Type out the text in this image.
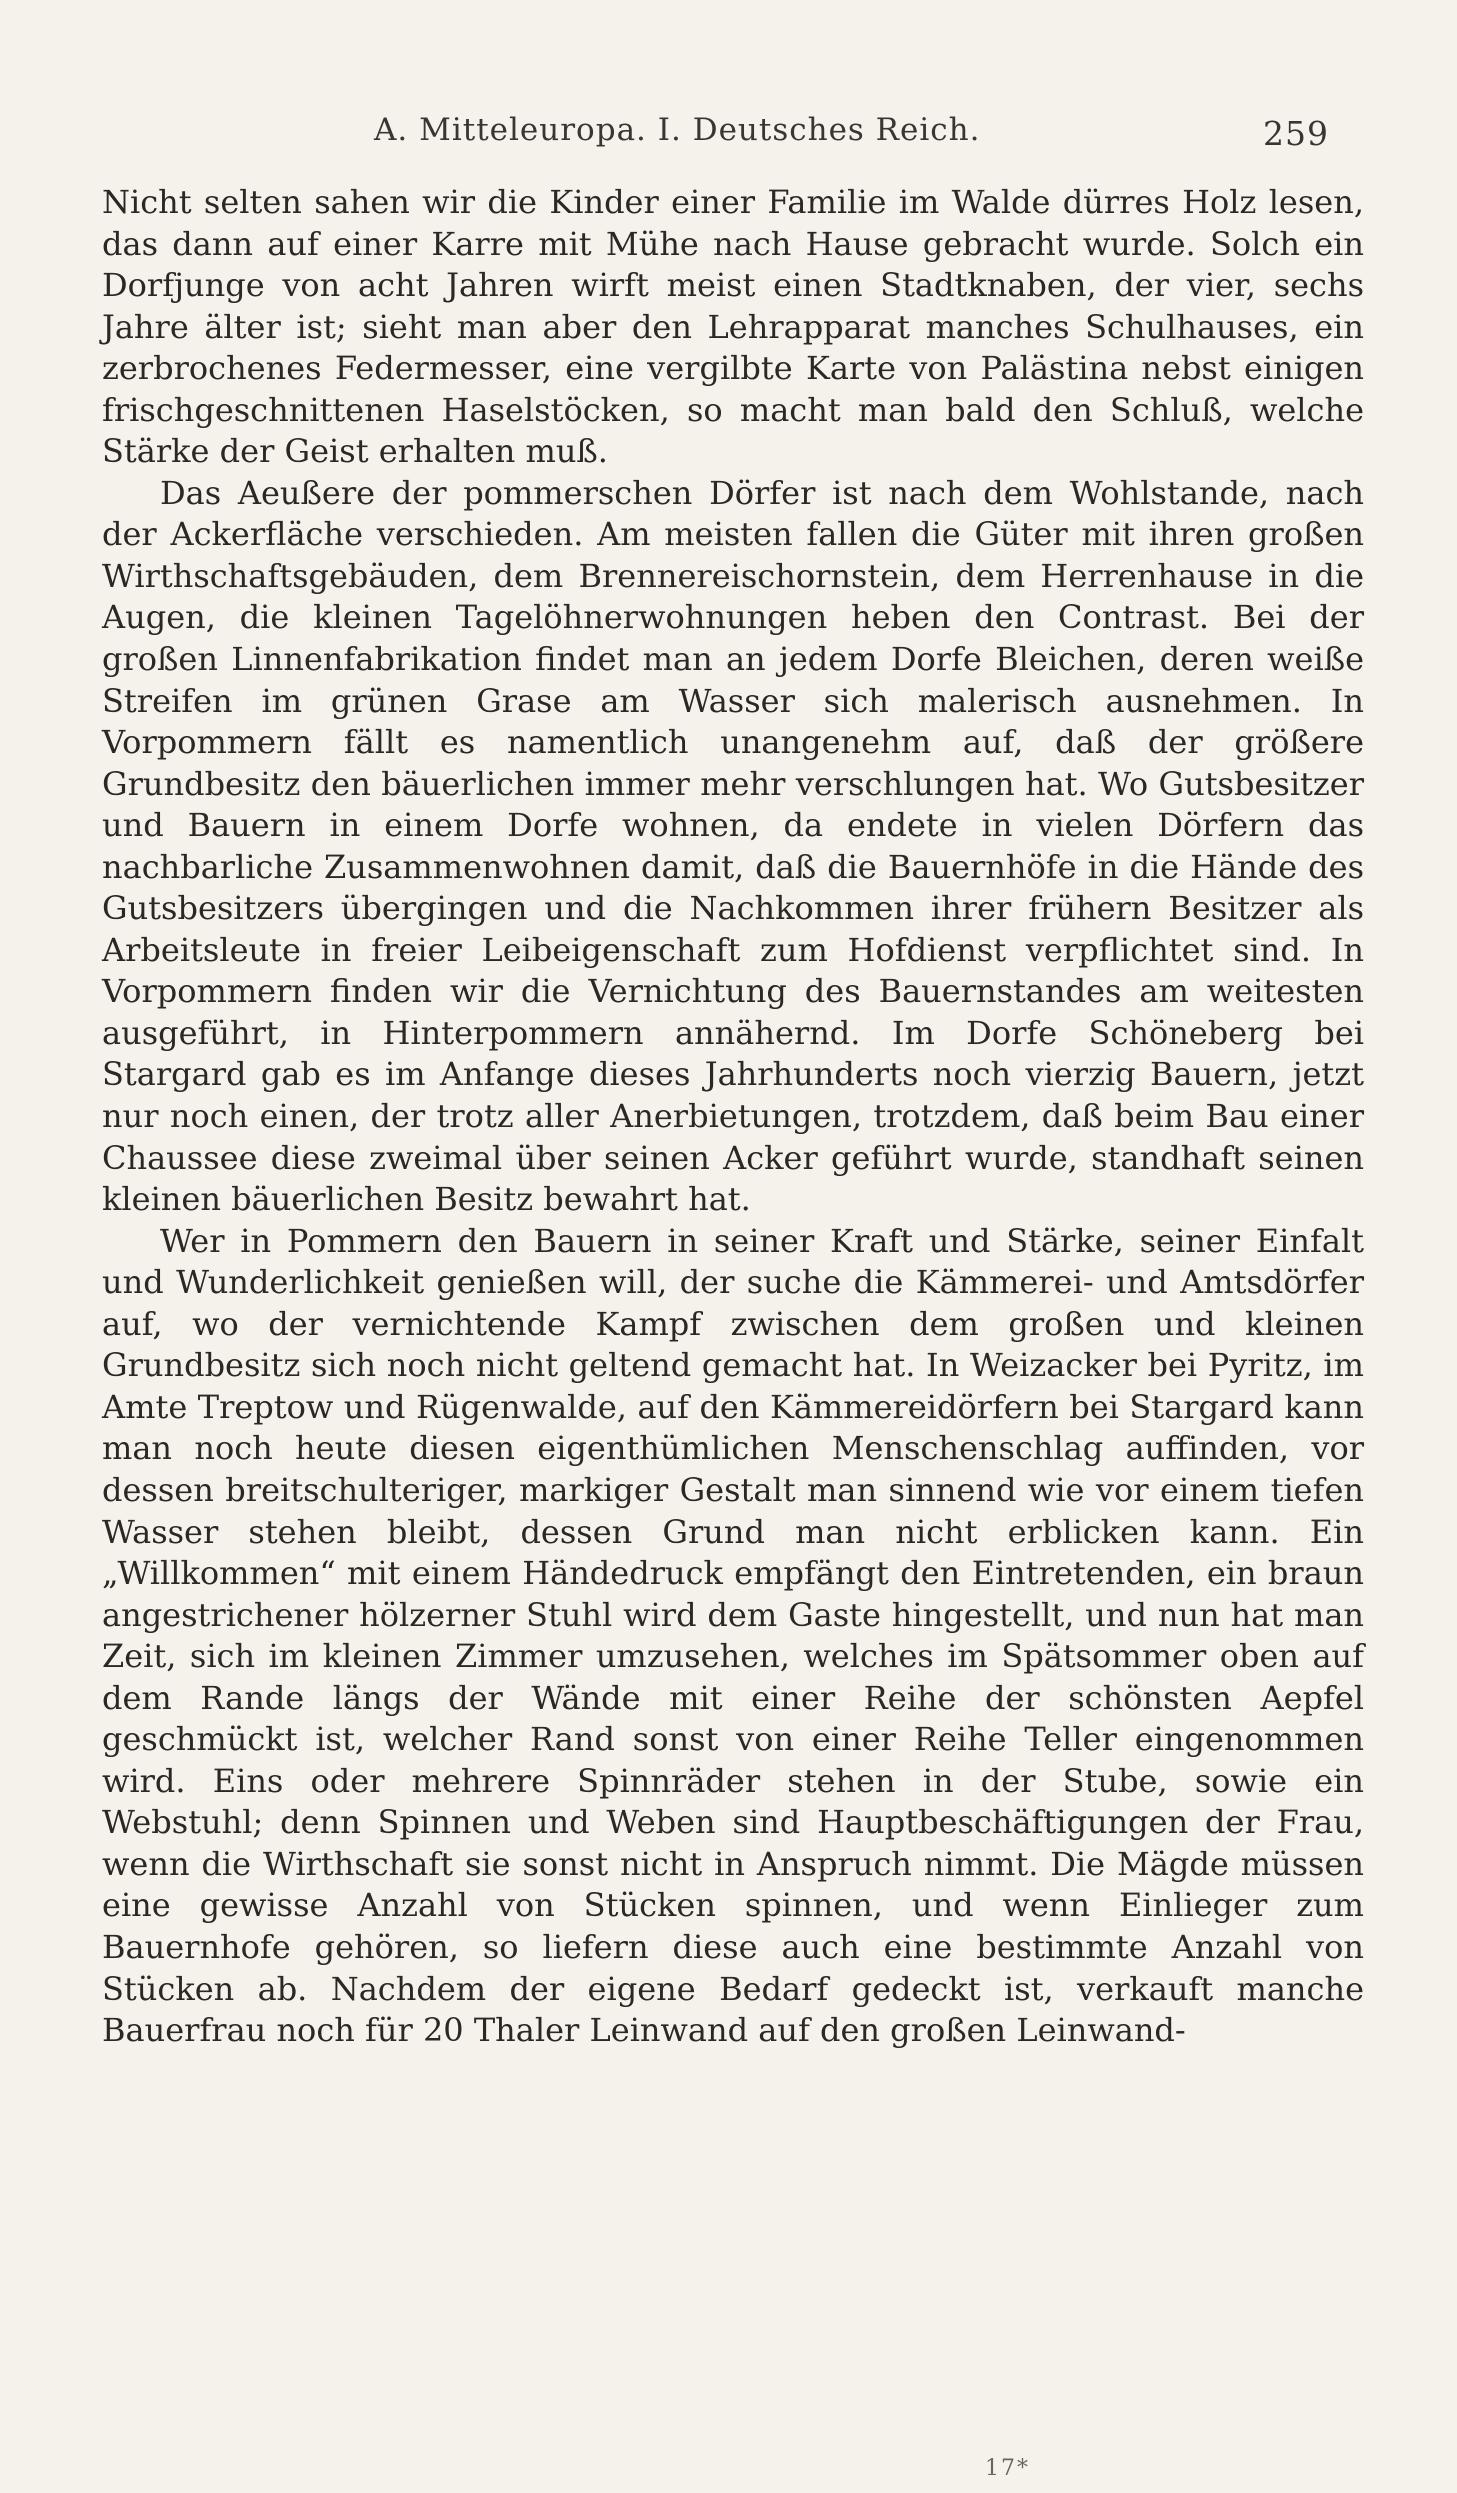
A. Mitteleuropa. I. Deutsches Reich.	259

Nicht selten sahen wir die Kinder einer Familie im Walde dürres Holz lesen, das dann auf einer Karre mit Mühe nach Hause gebracht wurde. Solch ein Dorfjunge von acht Jahren wirft meist einen Stadtknaben, der vier, sechs Jahre älter ist; sieht man aber den Lehrapparat manches Schulhauses, ein zerbrochenes Federmesser, eine vergilbte Karte von Palästina nebst einigen frischgeschnittenen Haselstöcken, so macht man bald den Schluß, welche Stärke der Geist erhalten muß.

Das Aeußere der pommerschen Dörfer ist nach dem Wohlstande, nach der Ackerfläche verschieden. Am meisten fallen die Güter mit ihren großen Wirthschaftsgebäuden, dem Brennereischornstein, dem Herrenhause in die Augen, die kleinen Tagelöhnerwohnungen heben den Contrast. Bei der großen Linnenfabrikation findet man an jedem Dorfe Bleichen, deren weiße Streifen im grünen Grase am Wasser sich malerisch ausnehmen. In Vorpommern fällt es namentlich unangenehm auf, daß der größere Grundbesitz den bäuerlichen immer mehr verschlungen hat. Wo Gutsbesitzer und Bauern in einem Dorfe wohnen, da endete in vielen Dörfern das nachbarliche Zusammenwohnen damit, daß die Bauernhöfe in die Hände des Gutsbesitzers übergingen und die Nachkommen ihrer frühern Besitzer als Arbeitsleute in freier Leibeigenschaft zum Hofdienst verpflichtet sind. In Vorpommern finden wir die Vernichtung des Bauernstandes am weitesten ausgeführt, in Hinterpommern annähernd. Im Dorfe Schöneberg bei Stargard gab es im Anfange dieses Jahrhunderts noch vierzig Bauern, jetzt nur noch einen, der trotz aller Anerbietungen, trotzdem, daß beim Bau einer Chaussee diese zweimal über seinen Acker geführt wurde, standhaft seinen kleinen bäuerlichen Besitz bewahrt hat.

Wer in Pommern den Bauern in seiner Kraft und Stärke, seiner Einfalt und Wunderlichkeit genießen will, der suche die Kämmerei- und Amtsdörfer auf, wo der vernichtende Kampf zwischen dem großen und kleinen Grundbesitz sich noch nicht geltend gemacht hat. In Weizacker bei Pyritz, im Amte Treptow und Rügenwalde, auf den Kämmereidörfern bei Stargard kann man noch heute diesen eigenthümlichen Menschenschlag auffinden, vor dessen breitschulteriger, markiger Gestalt man sinnend wie vor einem tiefen Wasser stehen bleibt, dessen Grund man nicht erblicken kann. Ein „Willkommen“ mit einem Händedruck empfängt den Eintretenden, ein braun angestrichener hölzerner Stuhl wird dem Gaste hingestellt, und nun hat man Zeit, sich im kleinen Zimmer umzusehen, welches im Spätsommer oben auf dem Rande längs der Wände mit einer Reihe der schönsten Aepfel geschmückt ist, welcher Rand sonst von einer Reihe Teller eingenommen wird. Eins oder mehrere Spinnräder stehen in der Stube, sowie ein Webstuhl; denn Spinnen und Weben sind Hauptbeschäftigungen der Frau, wenn die Wirthschaft sie sonst nicht in Anspruch nimmt. Die Mägde müssen eine gewisse Anzahl von Stücken spinnen, und wenn Einlieger zum Bauernhofe gehören, so liefern diese auch eine bestimmte Anzahl von Stücken ab. Nachdem der eigene Bedarf gedeckt ist, verkauft manche Bauerfrau noch für 20 Thaler Leinwand auf den großen Leinwand-

17*
